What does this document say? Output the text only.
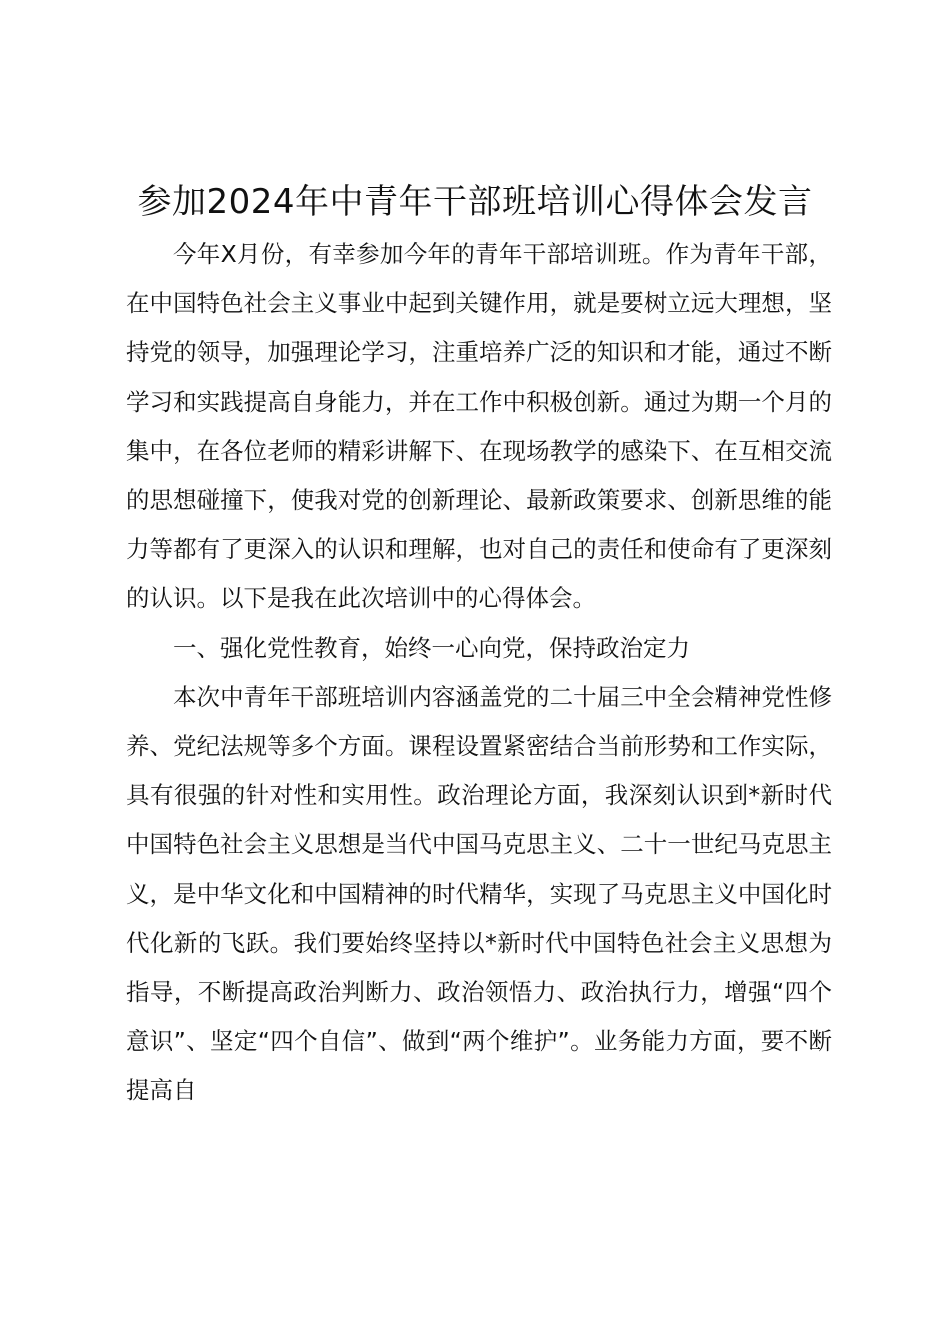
参加2024年中青年干部班培训心得体会发言

今年X月份，有幸参加今年的青年干部培训班。作为青年干部，在中国特色社会主义事业中起到关键作用，就是要树立远大理想，坚持党的领导，加强理论学习，注重培养广泛的知识和才能，通过不断学习和实践提高自身能力，并在工作中积极创新。通过为期一个月的集中，在各位老师的精彩讲解下、在现场教学的感染下、在互相交流的思想碰撞下，使我对党的创新理论、最新政策要求、创新思维的能力等都有了更深入的认识和理解，也对自己的责任和使命有了更深刻的认识。以下是我在此次培训中的心得体会。

一、强化党性教育，始终一心向党，保持政治定力

本次中青年干部班培训内容涵盖党的二十届三中全会精神党性修养、党纪法规等多个方面。课程设置紧密结合当前形势和工作实际，具有很强的针对性和实用性。政治理论方面，我深刻认识到*新时代中国特色社会主义思想是当代中国马克思主义、二十一世纪马克思主义，是中华文化和中国精神的时代精华，实现了马克思主义中国化时代化新的飞跃。我们要始终坚持以*新时代中国特色社会主义思想为指导，不断提高政治判断力、政治领悟力、政治执行力，增强“四个意识”、坚定“四个自信”、做到“两个维护”。业务能力方面，要不断提高自
